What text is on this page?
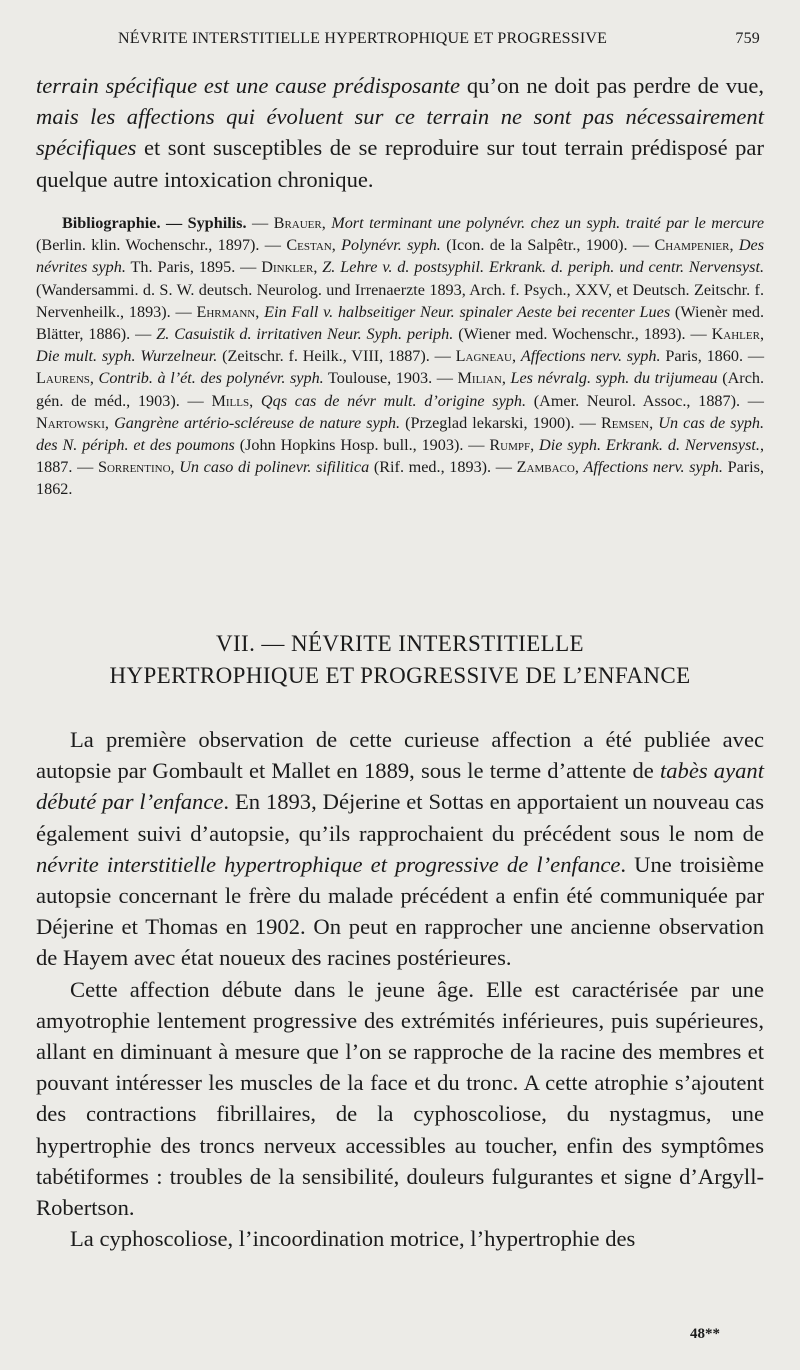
NÉVRITE INTERSTITIELLE HYPERTROPHIQUE ET PROGRESSIVE	759

terrain spécifique est une cause prédisposante qu’on ne doit pas perdre de vue, mais les affections qui évoluent sur ce terrain ne sont pas nécessairement spécifiques et sont susceptibles de se reproduire sur tout terrain prédisposé par quelque autre intoxication chronique.

Bibliographie. — Syphilis. — Brauer, Mort terminant une polynévr. chez un syph. traité par le mercure (Berlin. klin. Wochenschr., 1897). — Cestan, Polynévr. syph. (Icon. de la Salpêtr., 1900). — Champenier, Des névrites syph. Th. Paris, 1895. — Dinkler, Z. Lehre v. d. postsyphil. Erkrank. d. periph. und centr. Nervensyst. (Wandersammi. d. S. W. deutsch. Neurolog. und Irrenaerzte 1893, Arch. f. Psych., XXV, et Deutsch. Zeitschr. f. Nervenheilk., 1893). — Ehrmann, Ein Fall v. halbseitiger Neur. spinaler Aeste bei recenter Lues (Wienèr med. Blätter, 1886). — Z. Casuistik d. irritativen Neur. Syph. periph. (Wiener med. Wochenschr., 1893). — Kahler, Die mult. syph. Wurzelneur. (Zeitschr. f. Heilk., VIII, 1887). — Lagneau, Affections nerv. syph. Paris, 1860. — Laurens, Contrib. à l’ét. des polynévr. syph. Toulouse, 1903. — Milian, Les névralg. syph. du trijumeau (Arch. gén. de méd., 1903). — Mills, Qqs cas de névr mult. d’origine syph. (Amer. Neurol. Assoc., 1887). — Nartowski, Gangrène artério-scléreuse de nature syph. (Przeglad lekarski, 1900). — Remsen, Un cas de syph. des N. périph. et des poumons (John Hopkins Hosp. bull., 1903). — Rumpf, Die syph. Erkrank. d. Nervensyst., 1887. — Sorrentino, Un caso di polinevr. sifilitica (Rif. med., 1893). — Zambaco, Affections nerv. syph. Paris, 1862.

VII. — NÉVRITE INTERSTITIELLE
HYPERTROPHIQUE ET PROGRESSIVE DE L’ENFANCE

La première observation de cette curieuse affection a été publiée avec autopsie par Gombault et Mallet en 1889, sous le terme d’attente de tabès ayant débuté par l’enfance. En 1893, Déjerine et Sottas en apportaient un nouveau cas également suivi d’autopsie, qu’ils rapprochaient du précédent sous le nom de névrite interstitielle hypertrophique et progressive de l’enfance. Une troisième autopsie concernant le frère du malade précédent a enfin été communiquée par Déjerine et Thomas en 1902. On peut en rapprocher une ancienne observation de Hayem avec état noueux des racines postérieures.

Cette affection débute dans le jeune âge. Elle est caractérisée par une amyotrophie lentement progressive des extrémités inférieures, puis supérieures, allant en diminuant à mesure que l’on se rapproche de la racine des membres et pouvant intéresser les muscles de la face et du tronc. A cette atrophie s’ajoutent des contractions fibrillaires, de la cyphoscoliose, du nystagmus, une hypertrophie des troncs nerveux accessibles au toucher, enfin des symptômes tabétiformes : troubles de la sensibilité, douleurs fulgurantes et signe d’Argyll-Robertson.

La cyphoscoliose, l’incoordination motrice, l’hypertrophie des

48**
